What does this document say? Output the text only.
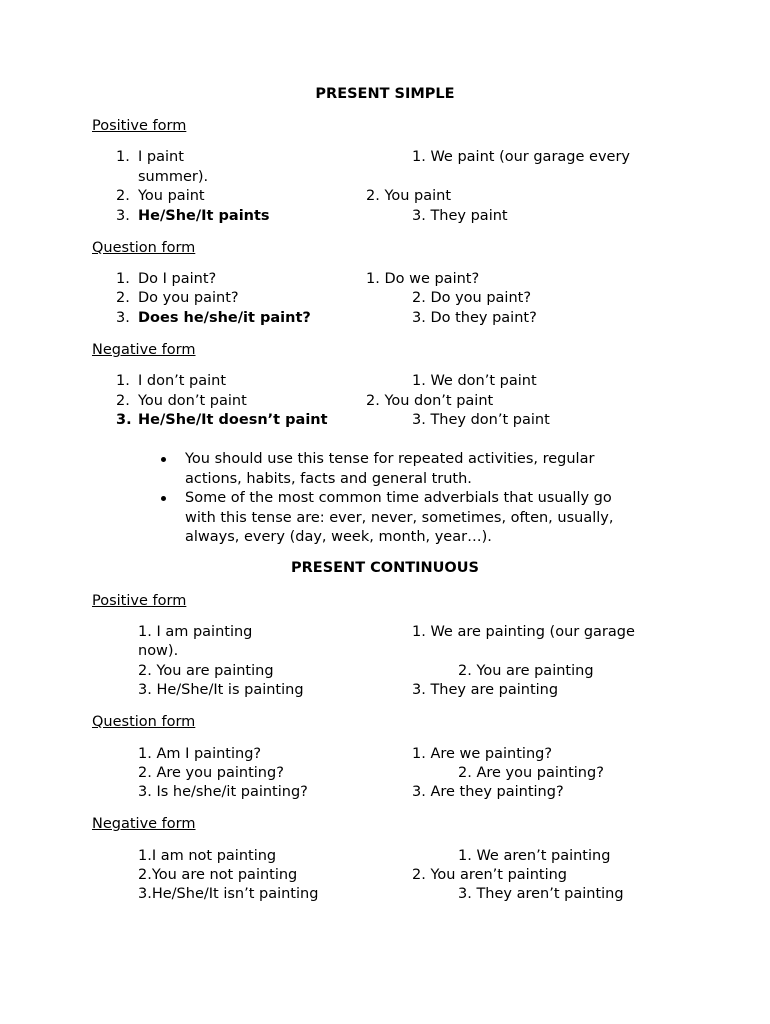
PRESENT SIMPLE
Positive form
1. I paint
summer).
2. You paint
3. He/She/It paints
1. We paint (our garage every
2. You paint
3. They paint
Question form
1. Do I paint?
2. Do you paint?
3. Does he/she/it paint?
1. Do we paint?
2. Do you paint?
3. Do they paint?
Negative form
1. I don’t paint
2. You don’t paint
3. He/She/It doesn’t paint
1. We don’t paint
2. You don’t paint
3. They don’t paint
You should use this tense for repeated activities, regular
actions, habits, facts and general truth.
Some of the most common time adverbials that usually go
with this tense are: ever, never, sometimes, often, usually,
always, every (day, week, month, year…).
PRESENT CONTINUOUS
Positive form
1. I am painting
now).
2. You are painting
3. He/She/It is painting
1. We are painting (our garage
2. You are painting
3. They are painting
Question form
1. Am I painting?
2. Are you painting?
3. Is he/she/it painting?
1. Are we painting?
2. Are you painting?
3. Are they painting?
Negative form
1.I am not painting
2.You are not painting
3.He/She/It isn’t painting
1. We aren’t painting
2. You aren’t painting
3. They aren’t painting
